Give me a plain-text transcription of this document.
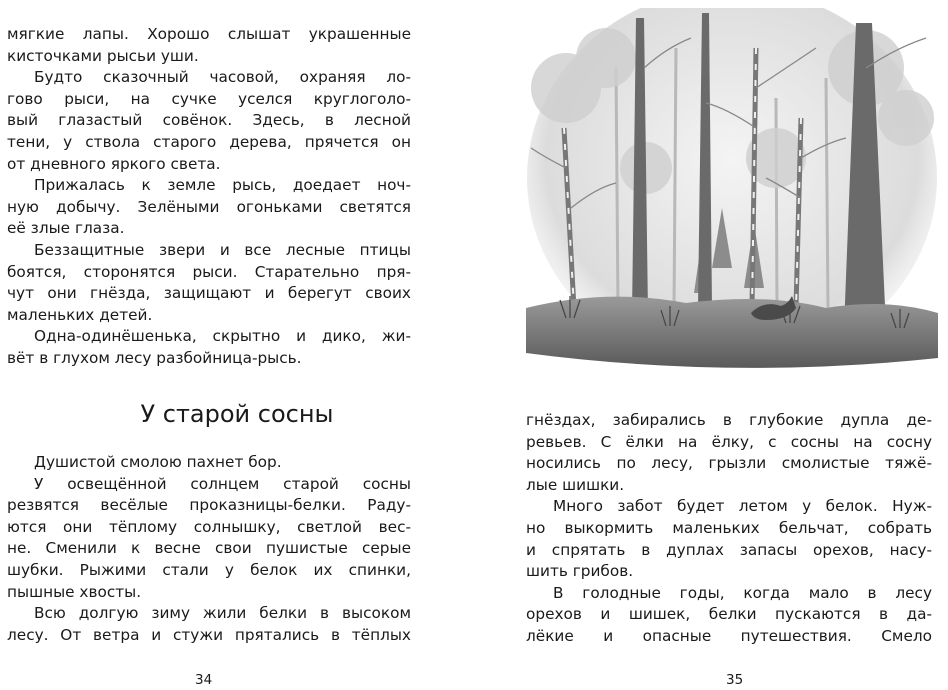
мягкие лапы. Хорошо слышат украшенные
кисточками рысьи уши.
Будто сказочный часовой, охраняя ло-
гово рыси, на сучке уселся круглоголо-
вый глазастый совёнок. Здесь, в лесной
тени, у ствола старого дерева, прячется он
от дневного яркого света.
Прижалась к земле рысь, доедает ноч-
ную добычу. Зелёными огоньками светятся
её злые глаза.
Беззащитные звери и все лесные птицы
боятся, сторонятся рыси. Старательно пря-
чут они гнёзда, защищают и берегут своих
маленьких детей.
Одна-одинёшенька, скрытно и дико, жи-
вёт в глухом лесу разбойница-рысь.
У старой сосны
Душистой смолою пахнет бор.
У освещённой солнцем старой сосны
резвятся весёлые проказницы-белки. Раду-
ются они тёплому солнышку, светлой вес-
не. Сменили к весне свои пушистые серые
шубки. Рыжими стали у белок их спинки,
пышные хвосты.
Всю долгую зиму жили белки в высоком
лесу. От ветра и стужи прятались в тёплых
34
гнёздах, забирались в глубокие дупла де-
ревьев. С ёлки на ёлку, с сосны на сосну
носились по лесу, грызли смолистые тяжё-
лые шишки.
Много забот будет летом у белок. Нуж-
но выкормить маленьких бельчат, собрать
и спрятать в дуплах запасы орехов, насу-
шить грибов.
В голодные годы, когда мало в лесу
орехов и шишек, белки пускаются в да-
лёкие и опасные путешествия. Смело
35
